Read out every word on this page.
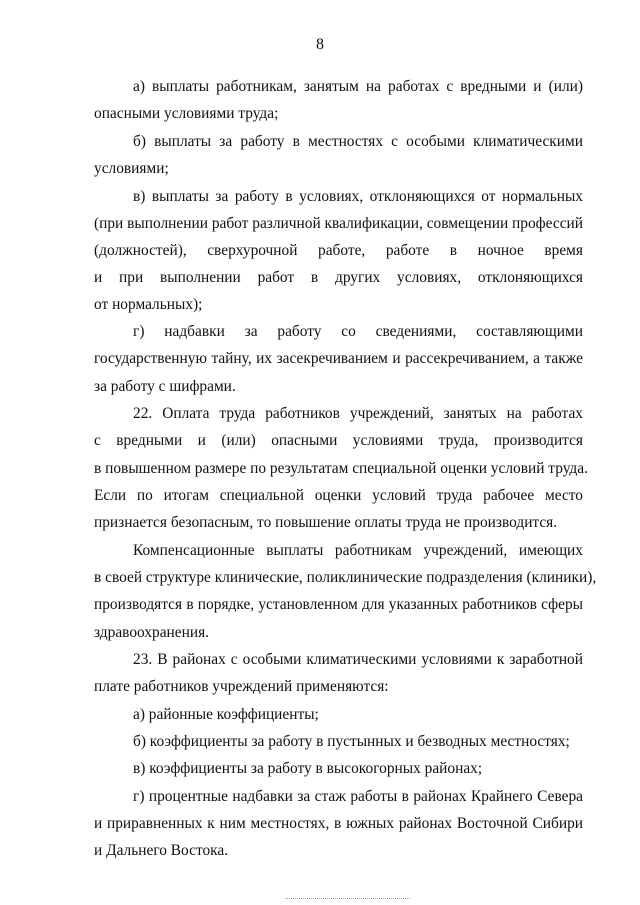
8
а) выплаты работникам, занятым на работах с вредными и (или)
опасными условиями труда;
б) выплаты за работу в местностях с особыми климатическими
условиями;
в) выплаты за работу в условиях, отклоняющихся от нормальных
(при выполнении работ различной квалификации, совмещении профессий
(должностей), сверхурочной работе, работе в ночное время
и при выполнении работ в других условиях, отклоняющихся
от нормальных);
г) надбавки за работу со сведениями, составляющими
государственную тайну, их засекречиванием и рассекречиванием, а также
за работу с шифрами.
22. Оплата труда работников учреждений, занятых на работах
с вредными и (или) опасными условиями труда, производится
в повышенном размере по результатам специальной оценки условий труда.
Если по итогам специальной оценки условий труда рабочее место
признается безопасным, то повышение оплаты труда не производится.
Компенсационные выплаты работникам учреждений, имеющих
в своей структуре клинические, поликлинические подразделения (клиники),
производятся в порядке, установленном для указанных работников сферы
здравоохранения.
23. В районах с особыми климатическими условиями к заработной
плате работников учреждений применяются:
а) районные коэффициенты;
б) коэффициенты за работу в пустынных и безводных местностях;
в) коэффициенты за работу в высокогорных районах;
г) процентные надбавки за стаж работы в районах Крайнего Севера
и приравненных к ним местностях, в южных районах Восточной Сибири
и Дальнего Востока.
